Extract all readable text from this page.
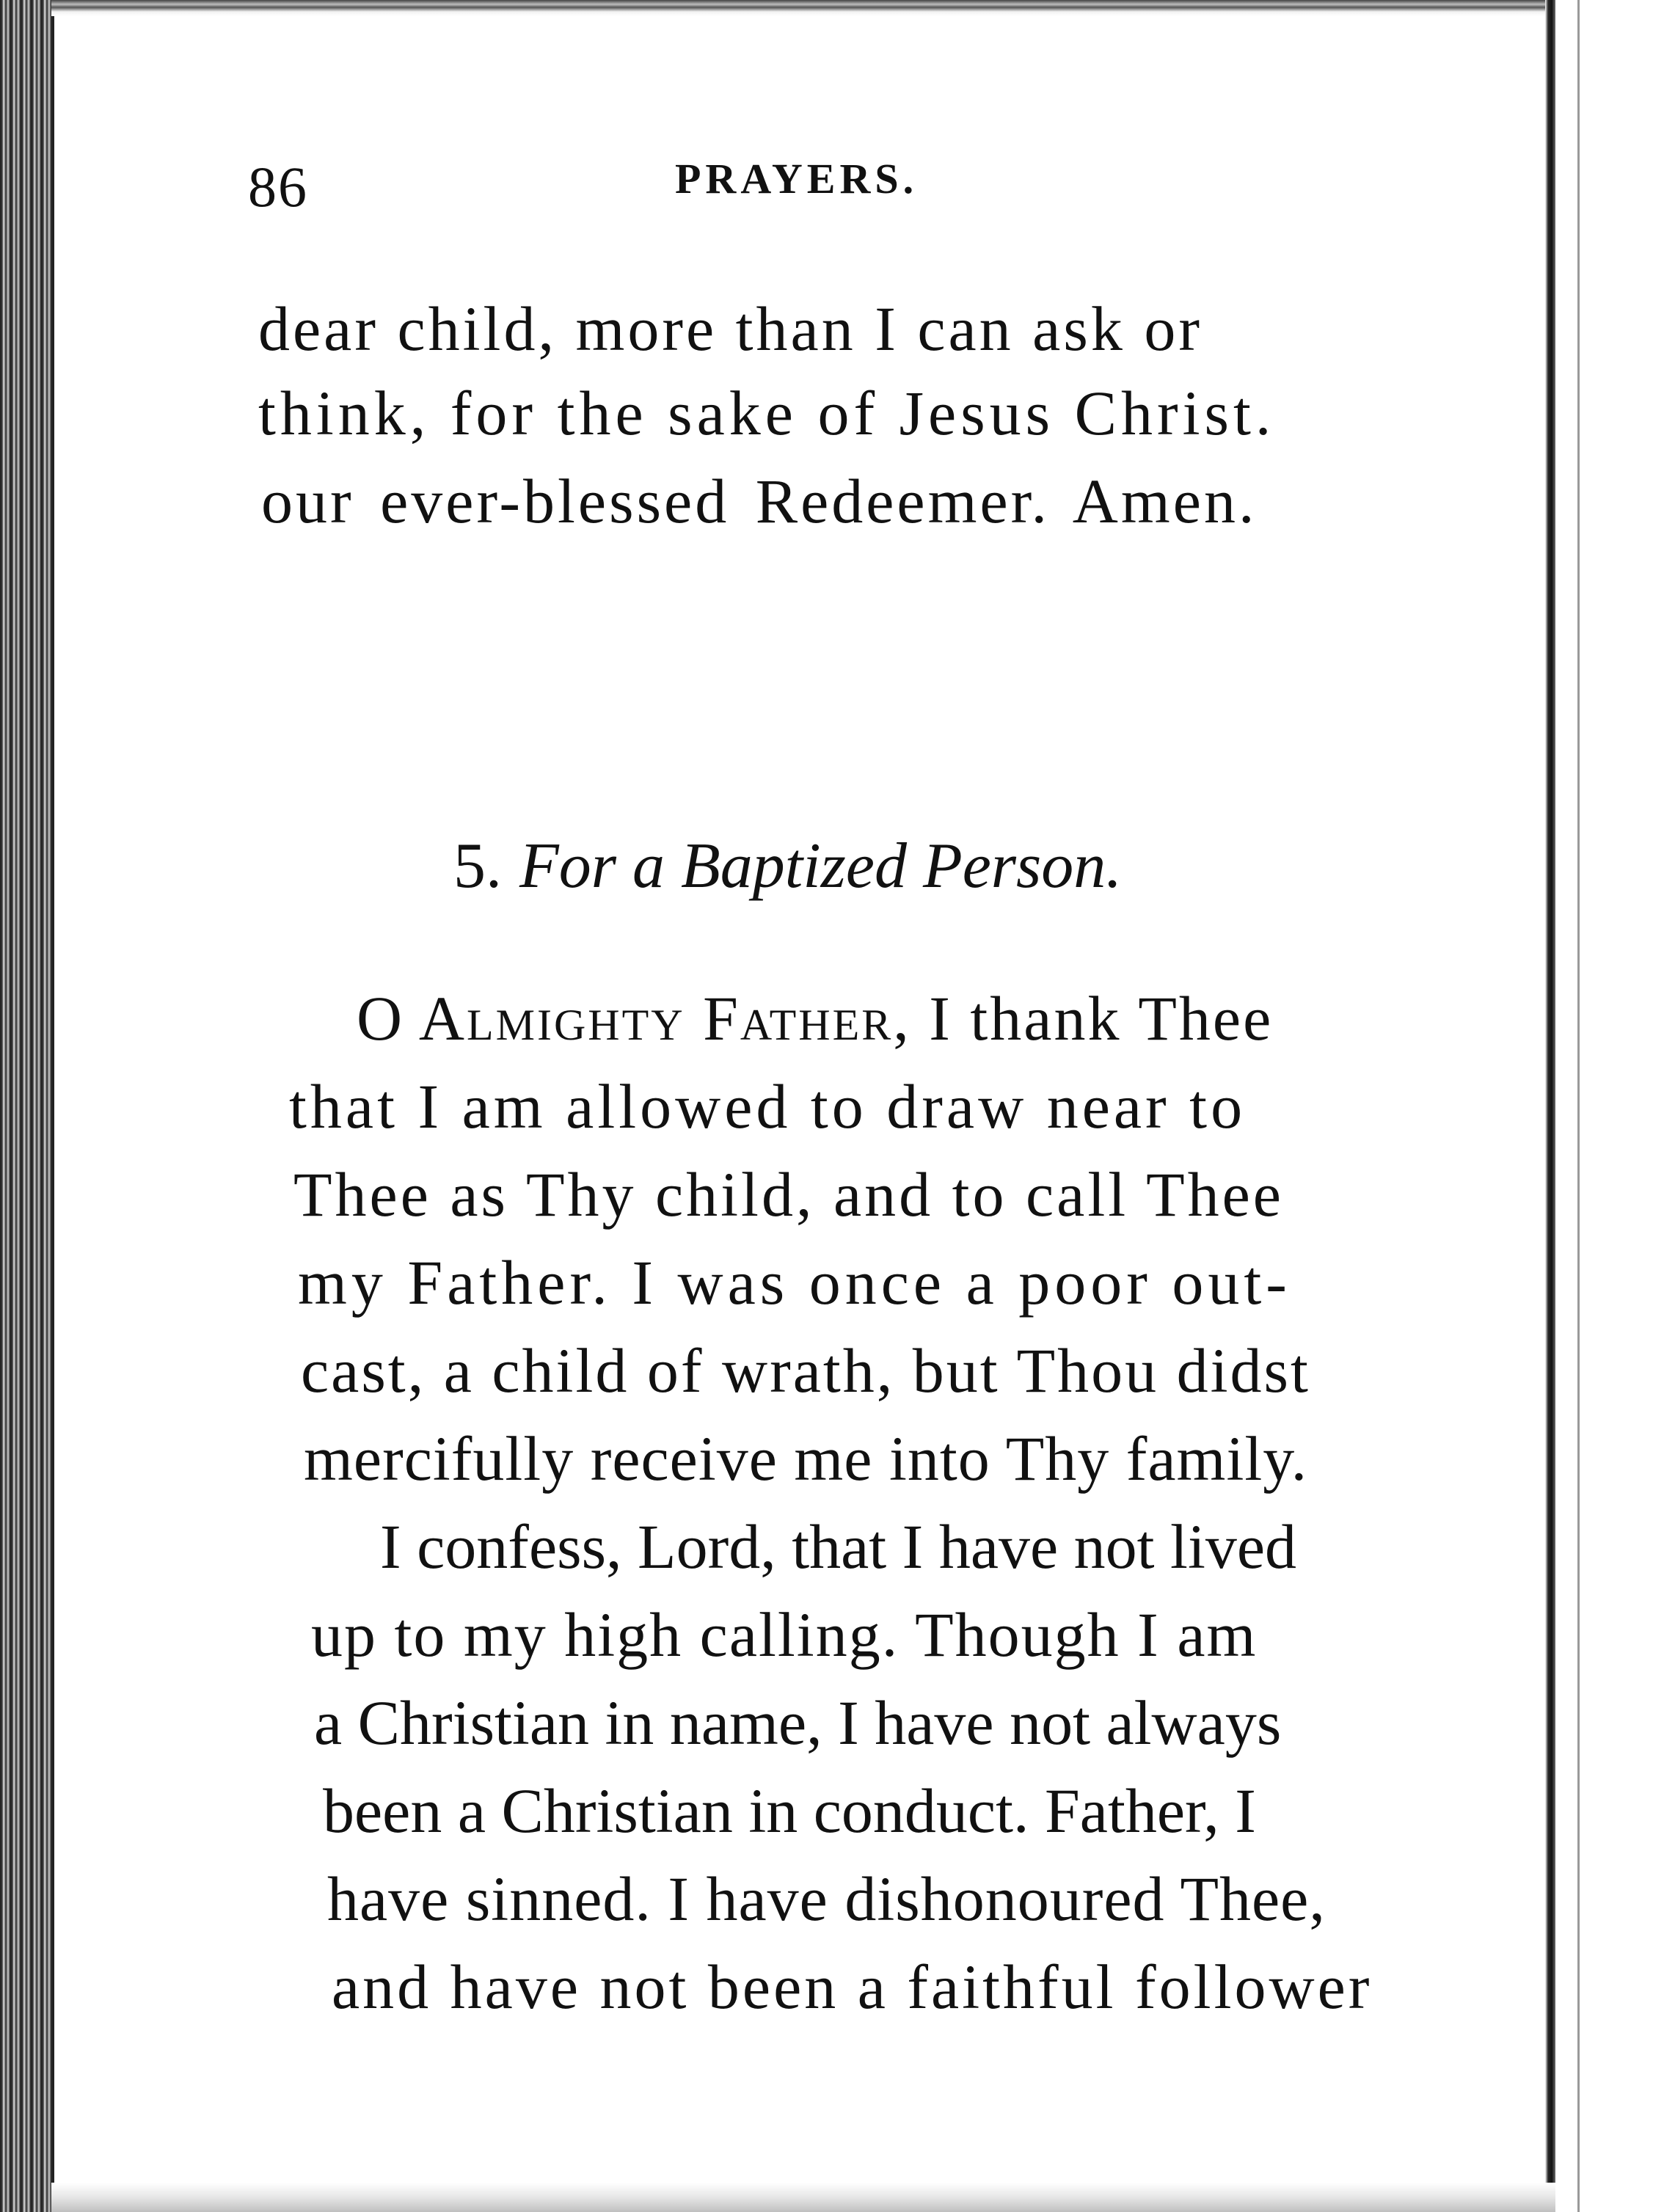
86	PRAYERS.
dear child, more than I can ask or
think, for the sake of Jesus Christ.
our ever-blessed Redeemer. Amen.
5. For a Baptized Person.
O Almighty Father, I thank Thee
that I am allowed to draw near to
Thee as Thy child, and to call Thee
my Father. I was once a poor out-
cast, a child of wrath, but Thou didst
mercifully receive me into Thy family.
I confess, Lord, that I have not lived
up to my high calling. Though I am
a Christian in name, I have not always
been a Christian in conduct. Father, I
have sinned. I have dishonoured Thee,
and have not been a faithful follower
